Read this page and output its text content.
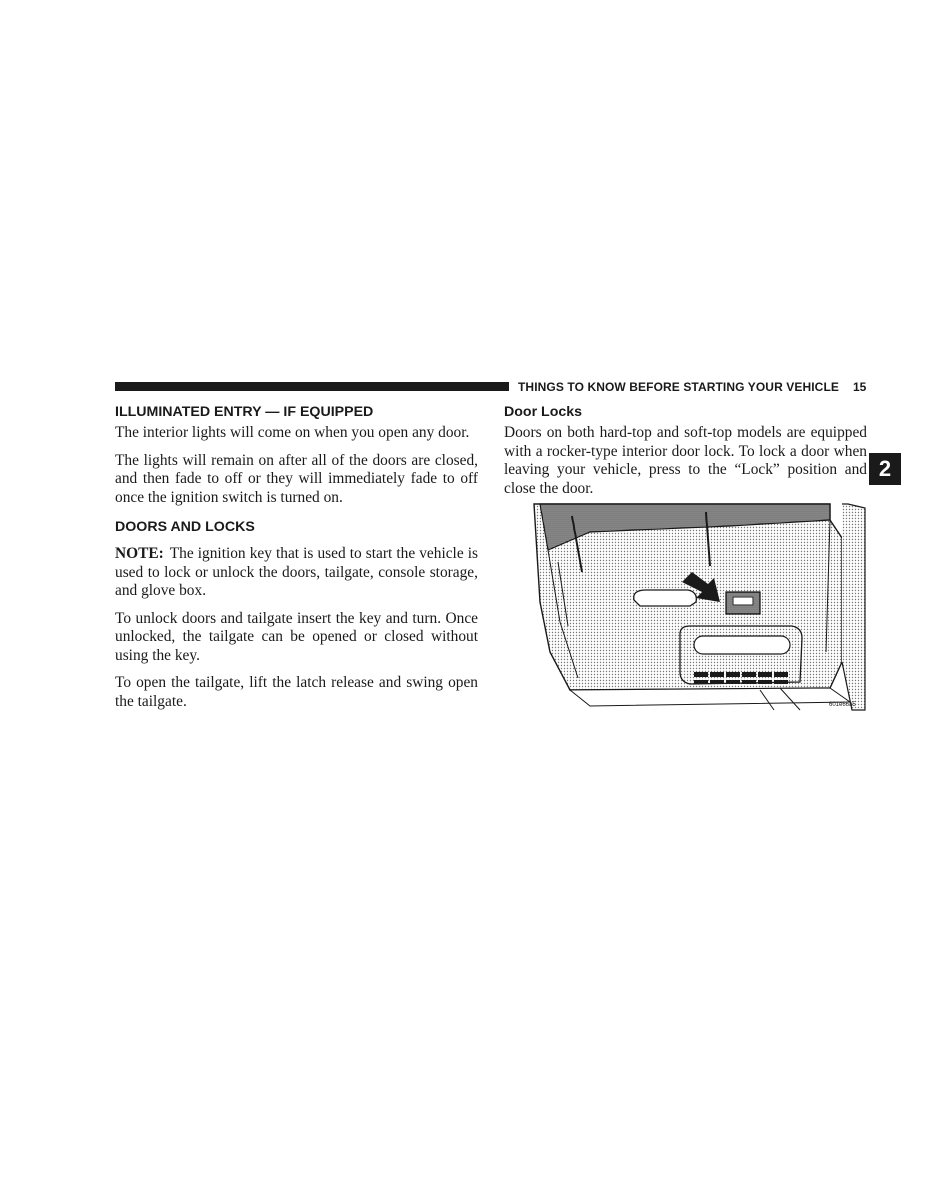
THINGS TO KNOW BEFORE STARTING YOUR VEHICLE 15
2
ILLUMINATED ENTRY — IF EQUIPPED

The interior lights will come on when you open any door.

The lights will remain on after all of the doors are closed, and then fade to off or they will immediately fade to off once the ignition switch is turned on.

DOORS AND LOCKS

NOTE: The ignition key that is used to start the vehicle is used to lock or unlock the doors, tailgate, console storage, and glove box.

To unlock doors and tailgate insert the key and turn. Once unlocked, the tailgate can be opened or closed without using the key.

To open the tailgate, lift the latch release and swing open the tailgate.

Door Locks

Doors on both hard-top and soft-top models are equipped with a rocker-type interior door lock. To lock a door when leaving your vehicle, press to the “Lock” position and close the door.

601e66a5
